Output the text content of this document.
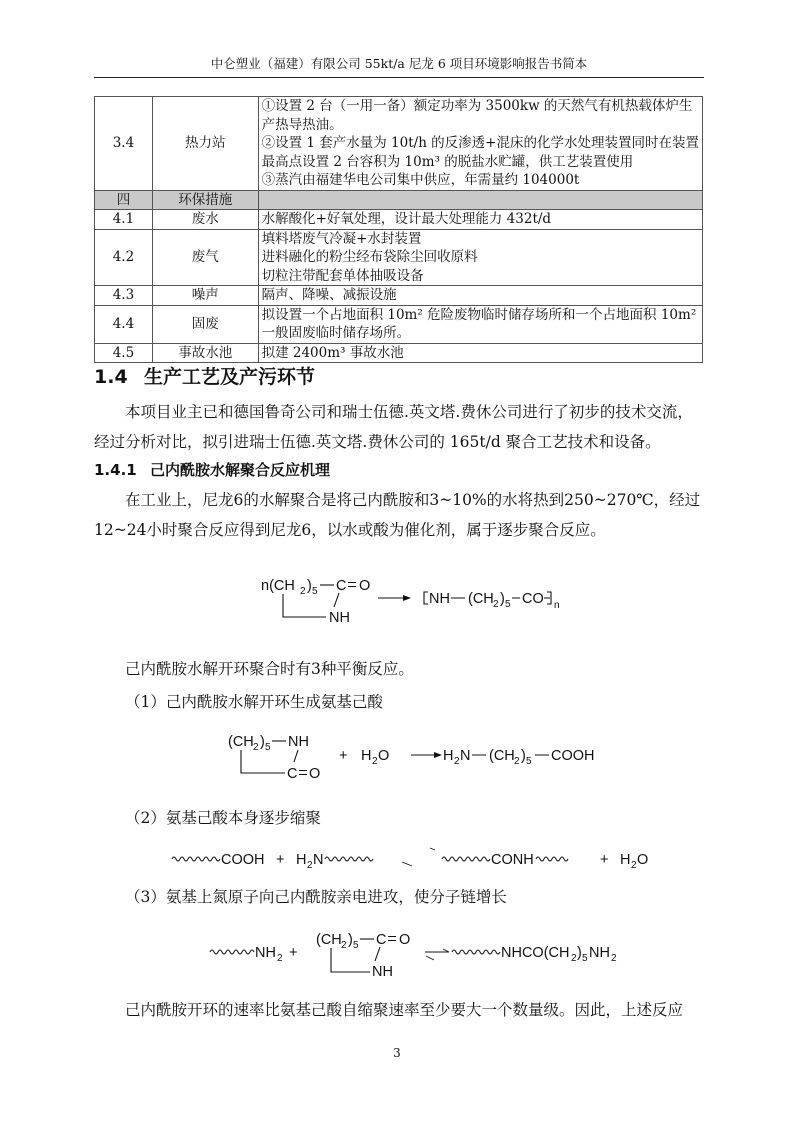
中仑塑业（福建）有限公司 55kt/a 尼龙 6 项目环境影响报告书简本
3.4	热力站	①设置 2 台（一用一备）额定功率为 3500kw 的天然气有机热载体炉生
产热导热油。
②设置 1 套产水量为 10t/h 的反渗透+混床的化学水处理装置同时在装置
最高点设置 2 台容积为 10m³ 的脱盐水贮罐，供工艺装置使用
③蒸汽由福建华电公司集中供应，年需量约 104000t

四	环保措施	
4.1	废水	水解酸化+好氧处理，设计最大处理能力 432t/d

4.2	废气	填料塔废气冷凝+水封装置
进料融化的粉尘经布袋除尘回收原料
切粒注带配套单体抽吸设备

4.3	噪声	隔声、降噪、减振设施

4.4	固废	拟设置一个占地面积 10m² 危险废物临时储存场所和一个占地面积 10m²
一般固废临时储存场所。

4.5	事故水池	拟建 2400m³ 事故水池
1.4 生产工艺及产污环节
本项目业主已和德国鲁奇公司和瑞士伍德.英文塔.费休公司进行了初步的技术交流，经过分析对比，拟引进瑞士伍德.英文塔.费休公司的 165t/d 聚合工艺技术和设备。
1.4.1 己内酰胺水解聚合反应机理
在工业上，尼龙6的水解聚合是将己内酰胺和3~10%的水将热到250~270℃，经过12~24小时聚合反应得到尼龙6，以水或酸为催化剂，属于逐步聚合反应。
n(CH 2 ) 5 C O
NH
NH (CH 2 ) 5 CO n
己内酰胺水解开环聚合时有3种平衡反应。
（1）己内酰胺水解开环生成氨基己酸
(CH 2 ) 5 NH
C O
+ H 2 O	H 2 N (CH 2 ) 5 COOH
（2）氨基己酸本身逐步缩聚
COOH + H 2 N	CONH	+ H 2 O
（3）氨基上氮原子向己内酰胺亲电进攻，使分子链增长
NH 2 +
(CH 2 ) 5 C O
NH
NHCO(CH 2 ) 5 NH 2
己内酰胺开环的速率比氨基己酸自缩聚速率至少要大一个数量级。因此，上述反应
3
